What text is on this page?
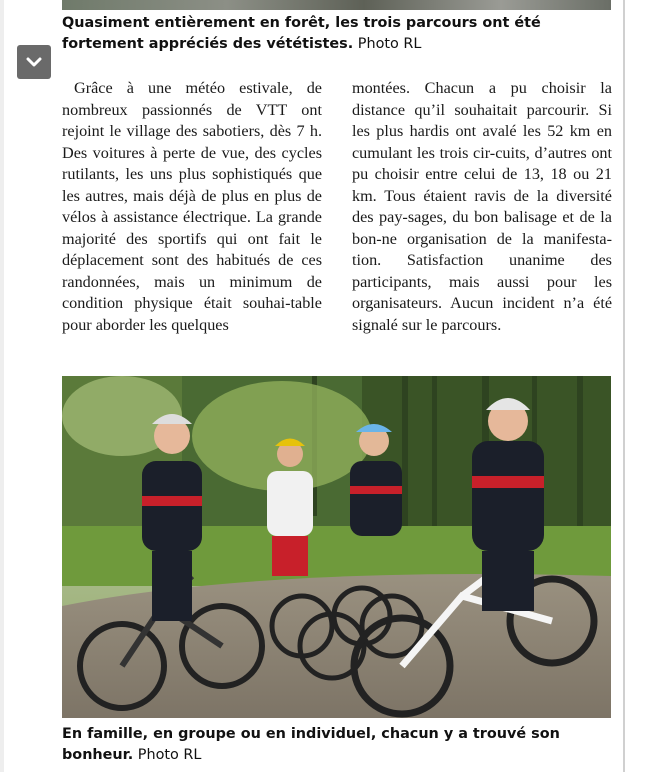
Quasiment entièrement en forêt, les trois parcours ont été fortement appréciés des vététistes. Photo RL

Grâce à une météo estivale, de nombreux passionnés de VTT ont rejoint le village des sabotiers, dès 7 h. Des voitures à perte de vue, des cycles rutilants, les uns plus sophistiqués que les autres, mais déjà de plus en plus de vélos à assistance électrique. La grande majorité des sportifs qui ont fait le déplacement sont des habitués de ces randonnées, mais un minimum de condition physique était souhai-table pour aborder les quelques

montées. Chacun a pu choisir la distance qu’il souhaitait parcourir. Si les plus hardis ont avalé les 52 km en cumulant les trois cir-cuits, d’autres ont pu choisir entre celui de 13, 18 ou 21 km. Tous étaient ravis de la diversité des pay-sages, du bon balisage et de la bon-ne organisation de la manifesta-tion. Satisfaction unanime des participants, mais aussi pour les organisateurs. Aucun incident n’a été signalé sur le parcours.

En famille, en groupe ou en individuel, chacun y a trouvé son bonheur. Photo RL
